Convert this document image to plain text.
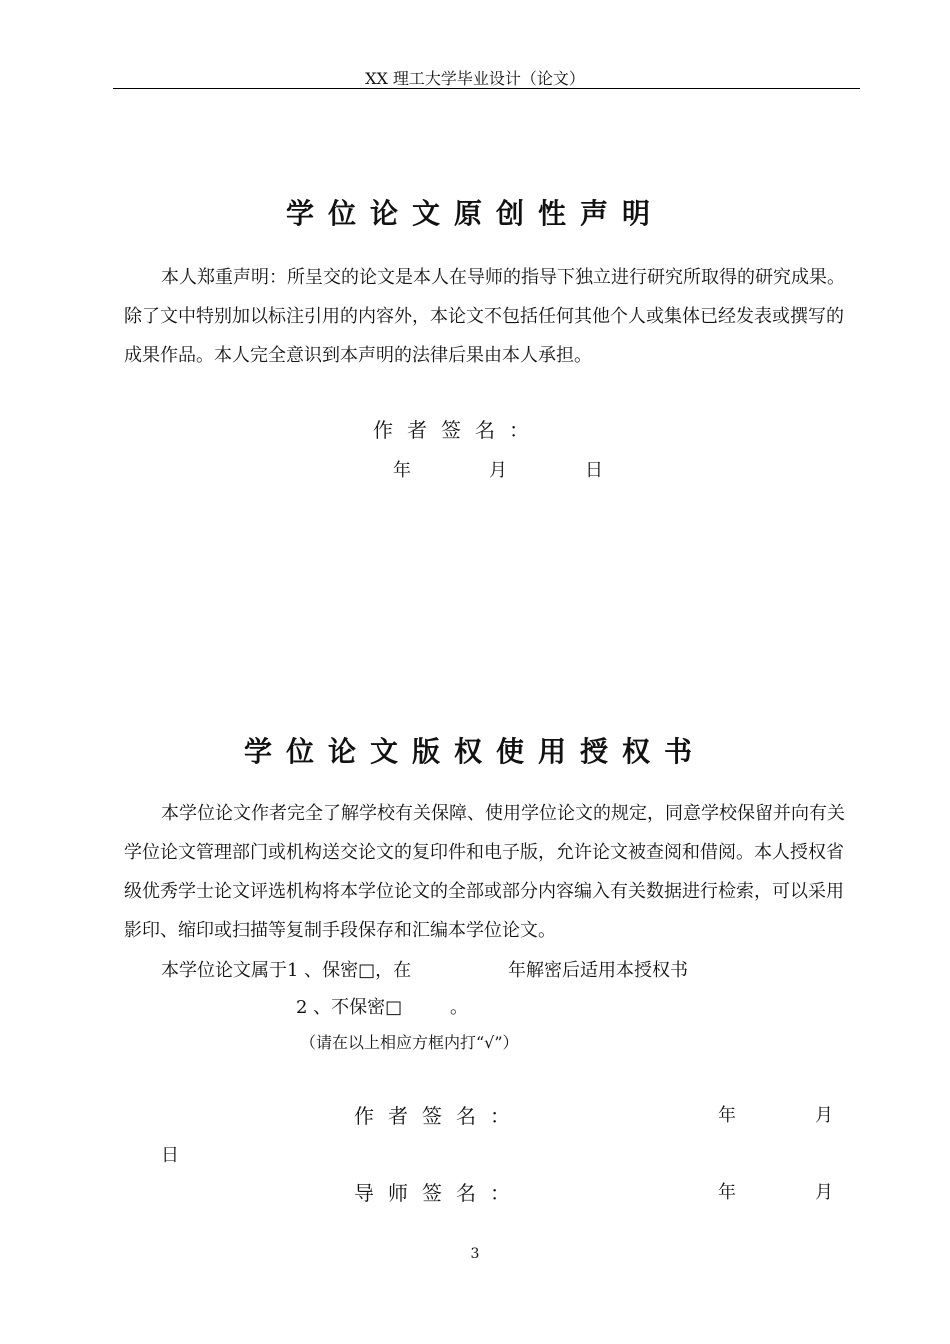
XX 理工大学毕业设计（论文）
学位论文原创性声明

本人郑重声明：所呈交的论文是本人在导师的指导下独立进行研究所取得的研究成果。除了文中特别加以标注引用的内容外，本论文不包括任何其他个人或集体已经发表或撰写的成果作品。本人完全意识到本声明的法律后果由本人承担。

作者签名：
年	月	日
学位论文版权使用授权书

本学位论文作者完全了解学校有关保障、使用学位论文的规定，同意学校保留并向有关学位论文管理部门或机构送交论文的复印件和电子版，允许论文被查阅和借阅。本人授权省级优秀学士论文评选机构将本学位论文的全部或部分内容编入有关数据进行检索，可以采用影印、缩印或扫描等复制手段保存和汇编本学位论文。

本学位论文属于1 、保密□，在	年解密后适用本授权书
2 、不保密□	。
（请在以上相应方框内打“√”）
作者签名：	年	月
日
导师签名：	年	月
3
